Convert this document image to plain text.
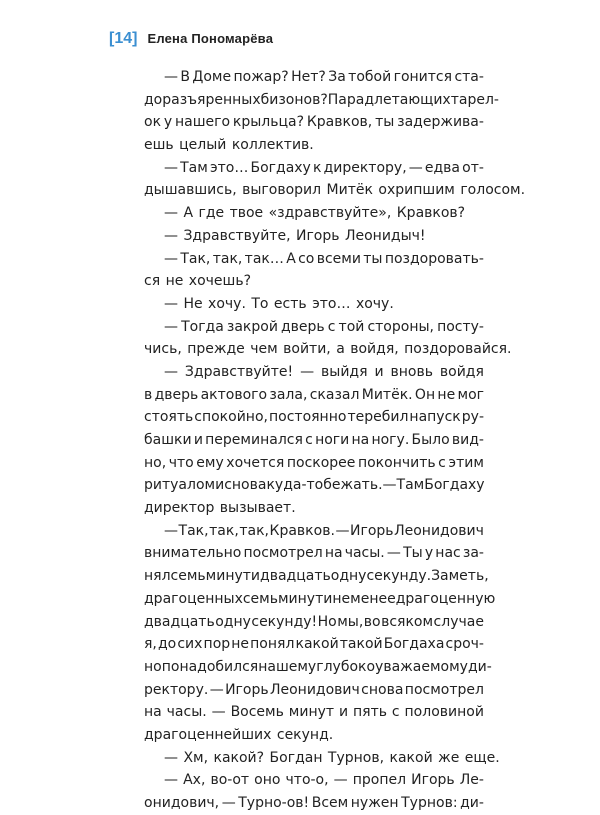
[14] Елена Пономарёва
— В Доме пожар? Нет? За тобой гонится ста-
до разъяренных бизонов? Парад летающих тарел-
ок у нашего крыльца? Кравков, ты задержива-
ешь целый коллектив.
— Там это… Богдаху к директору, — едва от-
дышавшись, выговорил Митёк охрипшим голосом.
— А где твое «здравствуйте», Кравков?
— Здравствуйте, Игорь Леонидыч!
— Так, так, так… А со всеми ты поздоровать-
ся не хочешь?
— Не хочу. То есть это… хочу.
— Тогда закрой дверь с той стороны, посту-
чись, прежде чем войти, а войдя, поздоровайся.
— Здравствуйте! — выйдя и вновь войдя
в дверь актового зала, сказал Митёк. Он не мог
стоять спокойно, постоянно теребил напуск ру-
башки и переминался с ноги на ногу. Было вид-
но, что ему хочется поскорее покончить с этим
ритуалом и снова куда-то бежать. — Там Богдаху
директор вызывает.
— Так, так, так, Кравков. — Игорь Леонидович
внимательно посмотрел на часы. — Ты у нас за-
нял семь минут и двадцать одну секунду. Заметь,
драгоценных семь минут и не менее драгоценную
двадцать одну секунду! Но мы, во всяком случае
я, до сих пор не понял какой такой Богдаха сроч-
но понадобился нашему глубокоуважаемому ди-
ректору. — Игорь Леонидович снова посмотрел
на часы. — Восемь минут и пять с половиной
драгоценнейших секунд.
— Хм, какой? Богдан Турнов, какой же еще.
— Ах, во-от оно что-о, — пропел Игорь Ле-
онидович, — Турно-ов! Всем нужен Турнов: ди-
